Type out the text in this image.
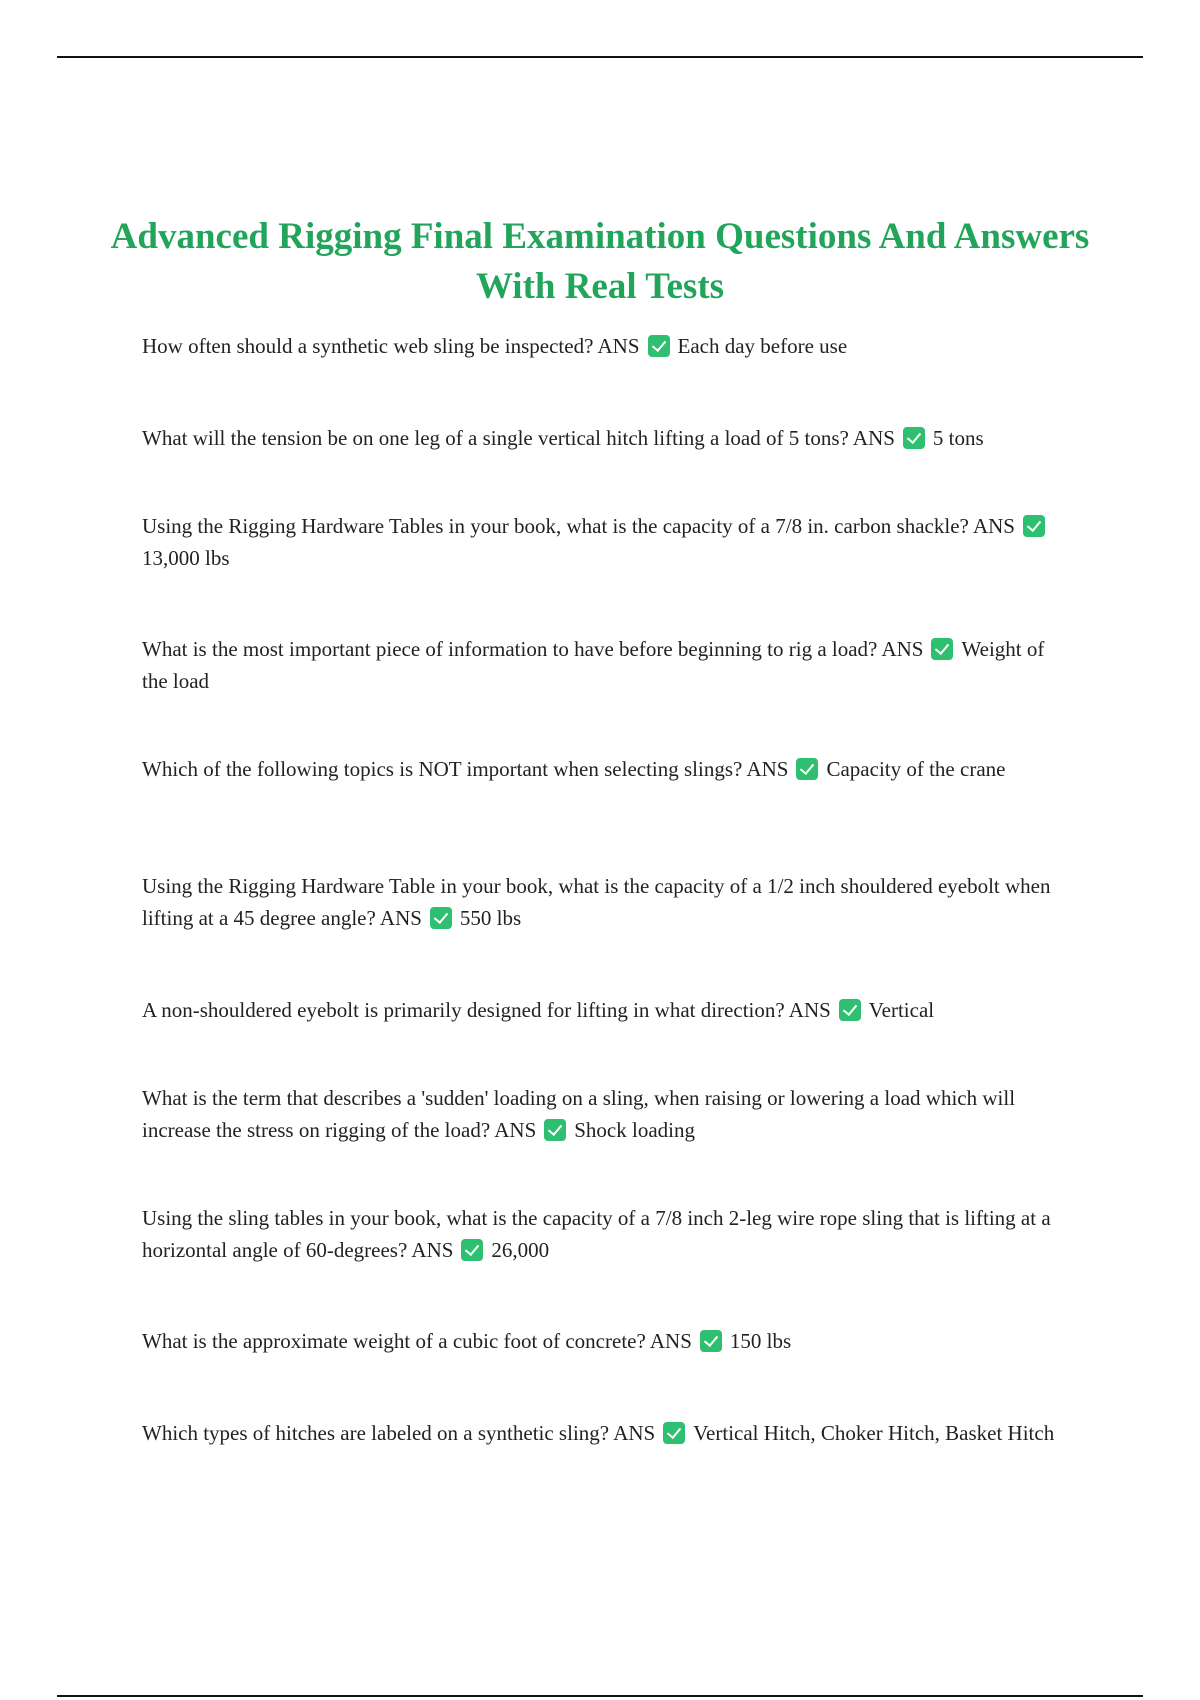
Advanced Rigging Final Examination Questions And Answers With Real Tests

How often should a synthetic web sling be inspected? ANS Each day before use

What will the tension be on one leg of a single vertical hitch lifting a load of 5 tons? ANS 5 tons

Using the Rigging Hardware Tables in your book, what is the capacity of a 7/8 in. carbon shackle? ANS13,000 lbs

What is the most important piece of information to have before beginning to rig a load? ANS Weight of the load

Which of the following topics is NOT important when selecting slings? ANS Capacity of the crane

Using the Rigging Hardware Table in your book, what is the capacity of a 1/2 inch shouldered eyebolt when lifting at a 45 degree angle? ANS 550 lbs

A non-shouldered eyebolt is primarily designed for lifting in what direction? ANS Vertical

What is the term that describes a 'sudden' loading on a sling, when raising or lowering a load which will increase the stress on rigging of the load? ANS Shock loading

Using the sling tables in your book, what is the capacity of a 7/8 inch 2-leg wire rope sling that is lifting at a horizontal angle of 60-degrees? ANS 26,000

What is the approximate weight of a cubic foot of concrete? ANS 150 lbs

Which types of hitches are labeled on a synthetic sling? ANS Vertical Hitch, Choker Hitch, Basket Hitch
